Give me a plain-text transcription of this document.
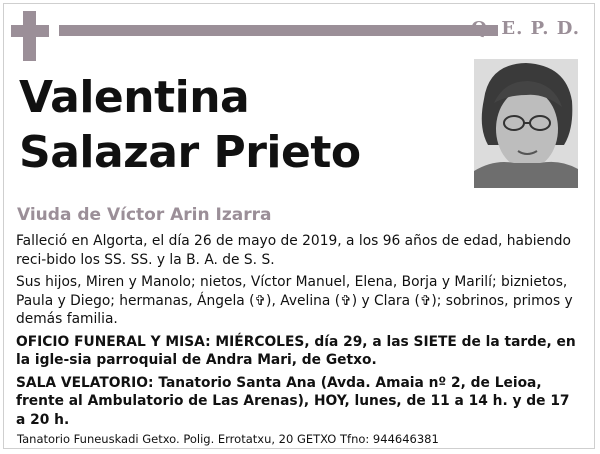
Q. E. P. D.
Valentina
Salazar Prieto
Viuda de Víctor Arin Izarra

Falleció en Algorta, el día 26 de mayo de 2019, a los 96 años de edad, habiendo reci-bido los SS. SS. y la B. A. de S. S.

Sus hijos, Miren y Manolo; nietos, Víctor Manuel, Elena, Borja y Marilí; biznietos, Paula y Diego; hermanas, Ángela (✞), Avelina (✞) y Clara (✞); sobrinos, primos y demás familia.

OFICIO FUNERAL Y MISA: MIÉRCOLES, día 29, a las SIETE de la tarde, en la igle-sia parroquial de Andra Mari, de Getxo.

SALA VELATORIO: Tanatorio Santa Ana (Avda. Amaia nº 2, de Leioa, frente al Ambulatorio de Las Arenas), HOY, lunes, de 11 a 14 h. y de 17 a 20 h.

Tanatorio Funeuskadi Getxo. Polig. Errotatxu, 20 GETXO Tfno: 944646381
